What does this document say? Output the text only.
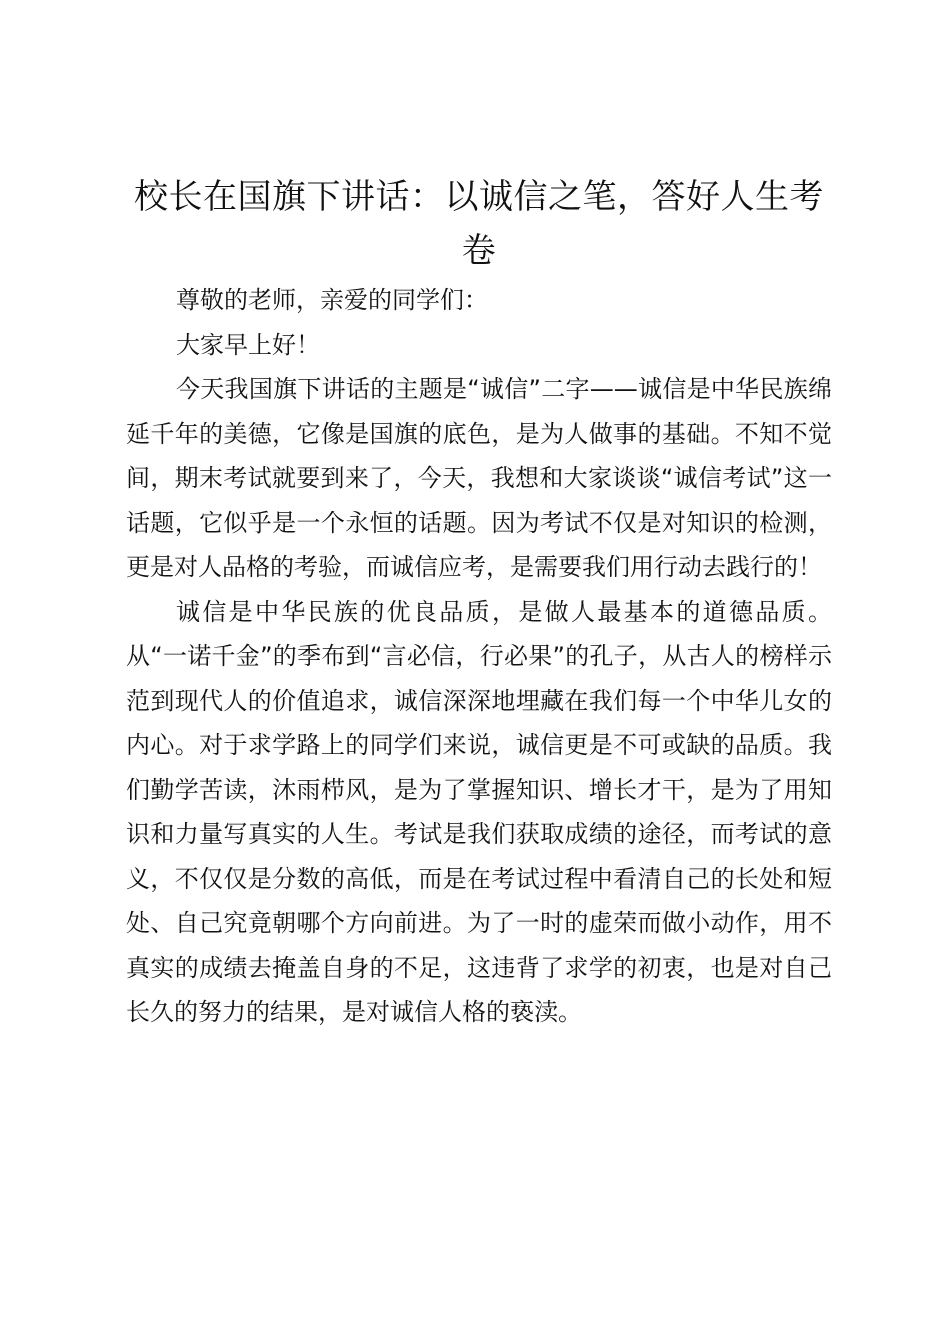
校长在国旗下讲话：以诚信之笔，答好人生考卷

尊敬的老师，亲爱的同学们：

大家早上好！

今天我国旗下讲话的主题是“诚信”二字——诚信是中华民族绵延千年的美德，它像是国旗的底色，是为人做事的基础。不知不觉间，期末考试就要到来了，今天，我想和大家谈谈“诚信考试”这一话题，它似乎是一个永恒的话题。因为考试不仅是对知识的检测，更是对人品格的考验，而诚信应考，是需要我们用行动去践行的！

诚信是中华民族的优良品质，是做人最基本的道德品质。从“一诺千金”的季布到“言必信，行必果”的孔子，从古人的榜样示范到现代人的价值追求，诚信深深地埋藏在我们每一个中华儿女的内心。对于求学路上的同学们来说，诚信更是不可或缺的品质。我们勤学苦读，沐雨栉风，是为了掌握知识、增长才干，是为了用知识和力量写真实的人生。考试是我们获取成绩的途径，而考试的意义，不仅仅是分数的高低，而是在考试过程中看清自己的长处和短处、自己究竟朝哪个方向前进。为了一时的虚荣而做小动作，用不真实的成绩去掩盖自身的不足，这违背了求学的初衷，也是对自己长久的努力的结果，是对诚信人格的亵渎。
